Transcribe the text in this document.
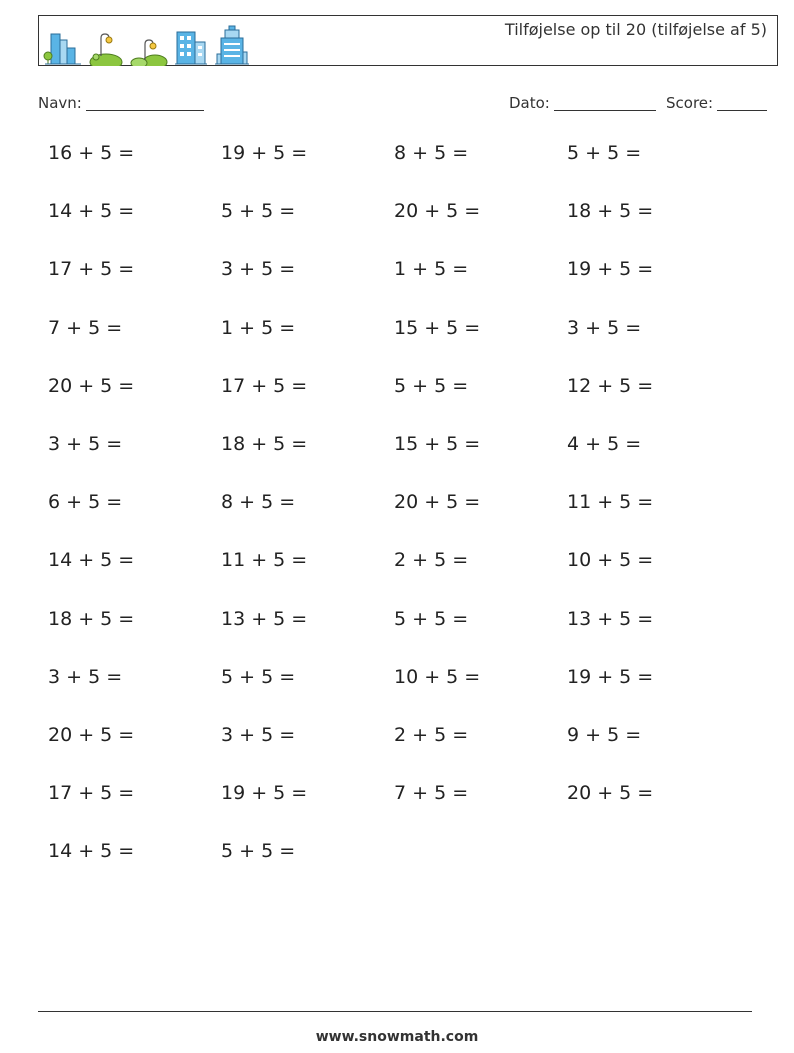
Tilføjelse op til 20 (tilføjelse af 5)
Navn:	Dato:	Score:
16 + 5 =	19 + 5 =	8 + 5 =	5 + 5 =
14 + 5 =	5 + 5 =	20 + 5 =	18 + 5 =
17 + 5 =	3 + 5 =	1 + 5 =	19 + 5 =
7 + 5 =	1 + 5 =	15 + 5 =	3 + 5 =
20 + 5 =	17 + 5 =	5 + 5 =	12 + 5 =
3 + 5 =	18 + 5 =	15 + 5 =	4 + 5 =
6 + 5 =	8 + 5 =	20 + 5 =	11 + 5 =
14 + 5 =	11 + 5 =	2 + 5 =	10 + 5 =
18 + 5 =	13 + 5 =	5 + 5 =	13 + 5 =
3 + 5 =	5 + 5 =	10 + 5 =	19 + 5 =
20 + 5 =	3 + 5 =	2 + 5 =	9 + 5 =
17 + 5 =	19 + 5 =	7 + 5 =	20 + 5 =
14 + 5 =	5 + 5 =
www.snowmath.com
